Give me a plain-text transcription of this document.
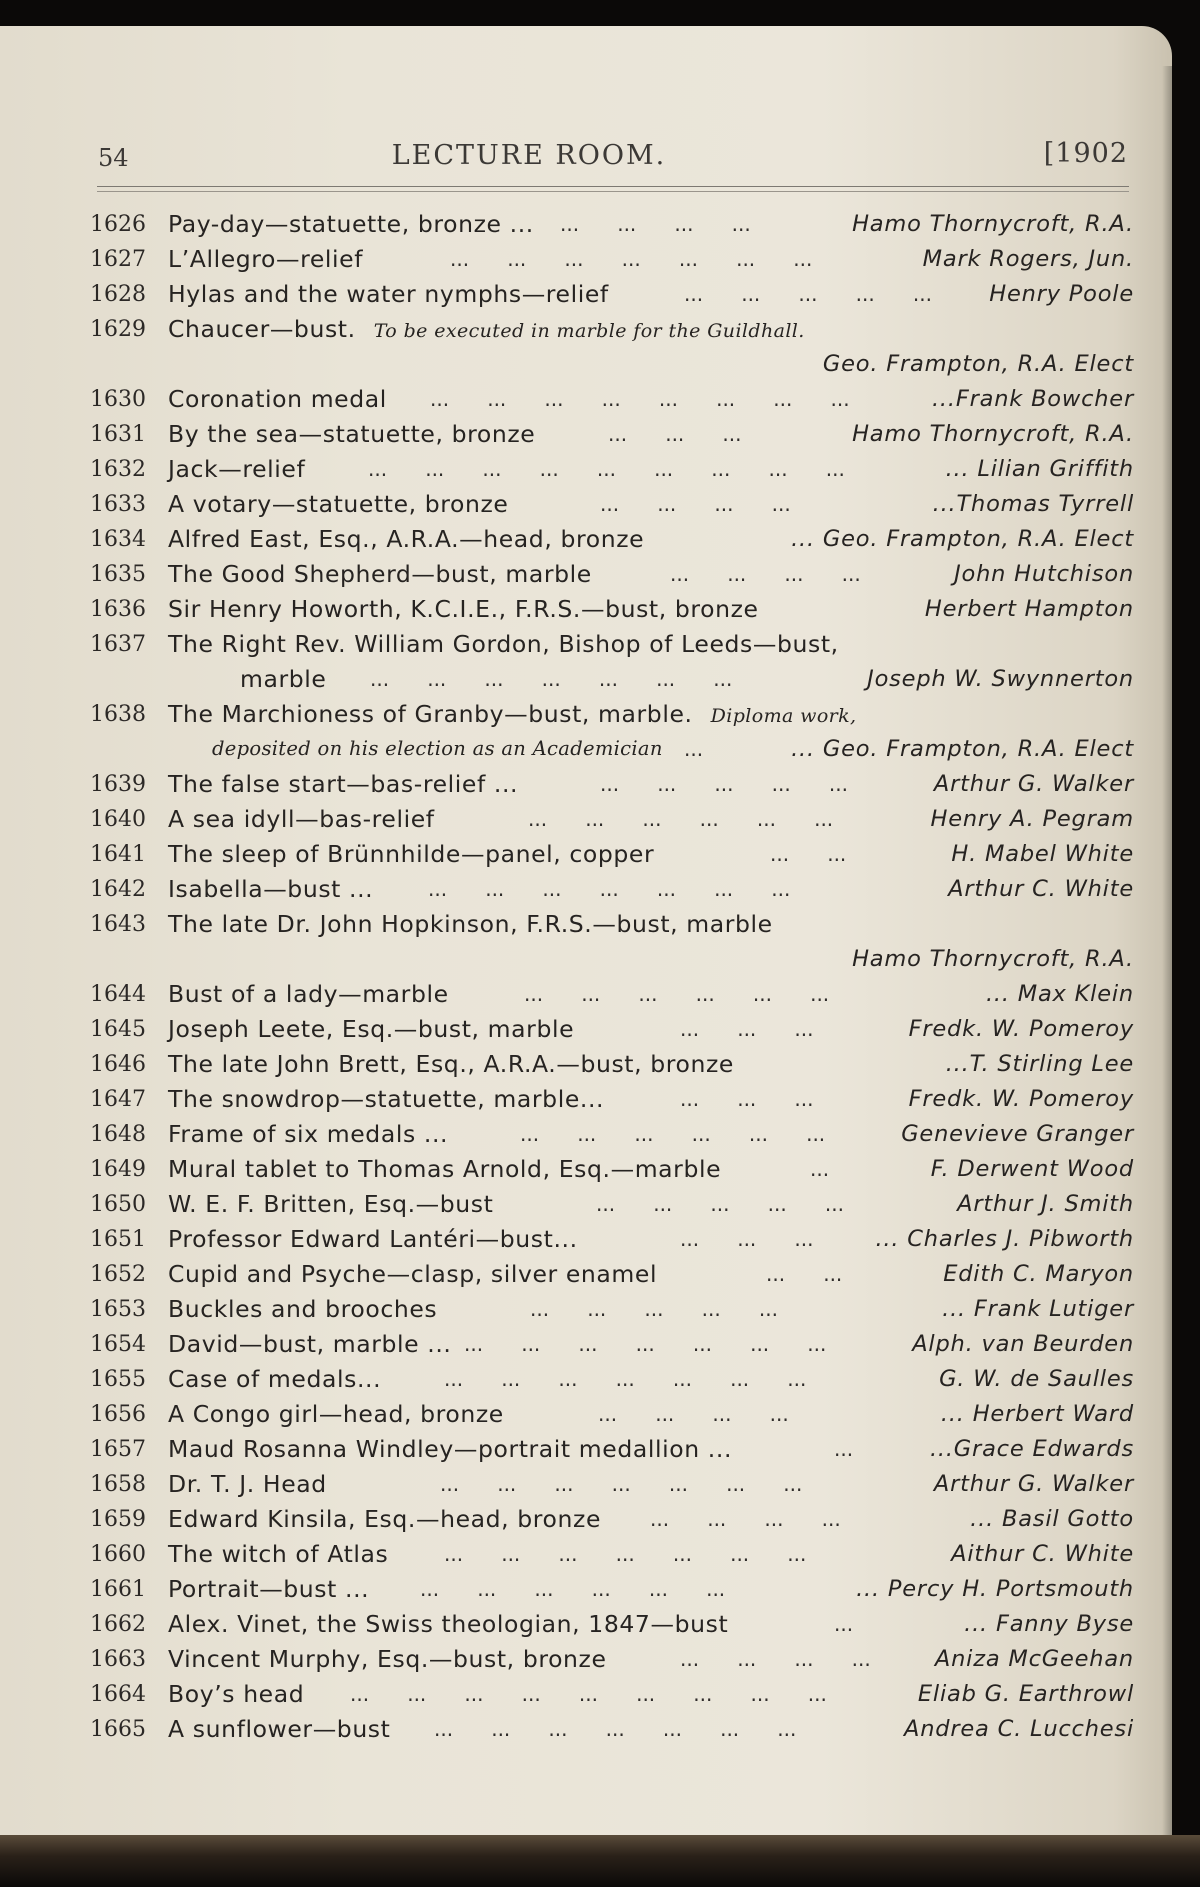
54	LECTURE ROOM.	[1902
1626 Pay-day—statuette, bronze ... ...      ...      ...      ...	Hamo Thornycroft, R.A.
1627 L’Allegro—relief	...      ...      ...      ...      ...      ...      ...	Mark Rogers, Jun.
1628 Hylas and the water nymphs—relief	...      ...      ...      ...      ...	Henry Poole
1629 Chaucer—bust. To be executed in marble for the Guildhall.
Geo. Frampton, R.A. Elect
1630 Coronation medal ...      ...      ...      ...      ...      ...      ...      ...	...Frank Bowcher
1631 By the sea—statuette, bronze	...      ...      ...	Hamo Thornycroft, R.A.
1632 Jack—relief	...      ...      ...      ...      ...      ...      ...      ...      ...	... Lilian Griffith
1633 A votary—statuette, bronze	...      ...      ...      ...	...Thomas Tyrrell
1634 Alfred East, Esq., A.R.A.—head, bronze	... Geo. Frampton, R.A. Elect
1635 The Good Shepherd—bust, marble	...      ...      ...      ...	John Hutchison
1636 Sir Henry Howorth, K.C.I.E., F.R.S.—bust, bronze	Herbert Hampton
1637 The Right Rev. William Gordon, Bishop of Leeds—bust,
marble ...      ...      ...      ...      ...      ...      ...	Joseph W. Swynnerton
1638 The Marchioness of Granby—bust, marble. Diploma work,
deposited on his election as an Academician ...	... Geo. Frampton, R.A. Elect
1639 The false start—bas-relief ...	...      ...      ...      ...      ...	Arthur G. Walker
1640 A sea idyll—bas-relief	...      ...      ...      ...      ...      ...	Henry A. Pegram
1641 The sleep of Brünnhilde—panel, copper	...      ...	H. Mabel White
1642 Isabella—bust ...	...      ...      ...      ...      ...      ...      ...	Arthur C. White
1643 The late Dr. John Hopkinson, F.R.S.—bust, marble
Hamo Thornycroft, R.A.
1644 Bust of a lady—marble	...      ...      ...      ...      ...      ...	... Max Klein
1645 Joseph Leete, Esq.—bust, marble	...      ...      ...	Fredk. W. Pomeroy
1646 The late John Brett, Esq., A.R.A.—bust, bronze	...T. Stirling Lee
1647 The snowdrop—statuette, marble...	...      ...      ...	Fredk. W. Pomeroy
1648 Frame of six medals ...	...      ...      ...      ...      ...      ...	Genevieve Granger
1649 Mural tablet to Thomas Arnold, Esq.—marble	...	F. Derwent Wood
1650 W. E. F. Britten, Esq.—bust	...      ...      ...      ...      ...	Arthur J. Smith
1651 Professor Edward Lantéri—bust...	...      ...      ...	... Charles J. Pibworth
1652 Cupid and Psyche—clasp, silver enamel	...      ...	Edith C. Maryon
1653 Buckles and brooches	...      ...      ...      ...      ...	... Frank Lutiger
1654 David—bust, marble ... ...      ...      ...      ...      ...      ...      ...	Alph. van Beurden
1655 Case of medals...	...      ...      ...      ...      ...      ...      ...	G. W. de Saulles
1656 A Congo girl—head, bronze	...      ...      ...      ...	... Herbert Ward
1657 Maud Rosanna Windley—portrait medallion ...	...	...Grace Edwards
1658 Dr. T. J. Head	...      ...      ...      ...      ...      ...      ...	Arthur G. Walker
1659 Edward Kinsila, Esq.—head, bronze ...      ...      ...      ...	... Basil Gotto
1660 The witch of Atlas	...      ...      ...      ...      ...      ...      ...	Aithur C. White
1661 Portrait—bust ...	...      ...      ...      ...      ...      ...	... Percy H. Portsmouth
1662 Alex. Vinet, the Swiss theologian, 1847—bust	...	... Fanny Byse
1663 Vincent Murphy, Esq.—bust, bronze	...      ...      ...      ...	Aniza McGeehan
1664 Boy’s head ...      ...      ...      ...      ...      ...      ...      ...      ...	Eliab G. Earthrowl
1665 A sunflower—bust ...      ...      ...      ...      ...      ...      ...	Andrea C. Lucchesi
